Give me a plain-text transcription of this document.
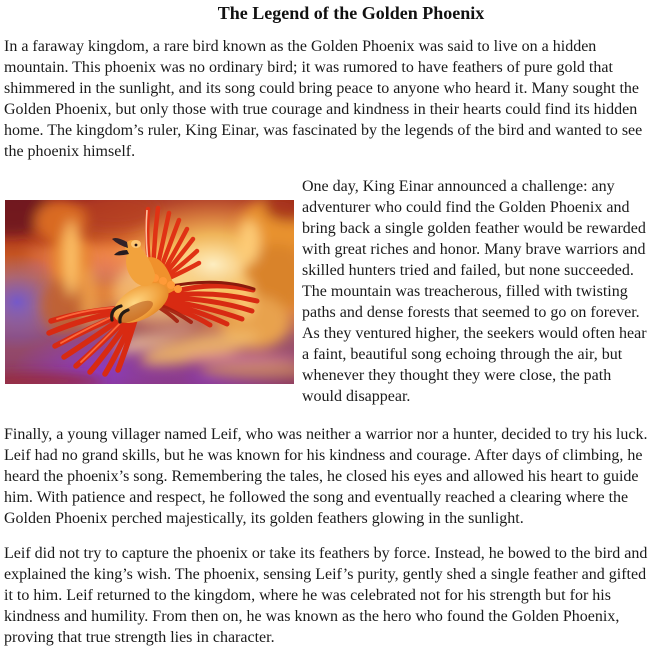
The Legend of the Golden Phoenix

In a faraway kingdom, a rare bird known as the Golden Phoenix was said to live on a hidden mountain. This phoenix was no ordinary bird; it was rumored to have feathers of pure gold that shimmered in the sunlight, and its song could bring peace to anyone who heard it. Many sought the Golden Phoenix, but only those with true courage and kindness in their hearts could find its hidden home. The kingdom’s ruler, King Einar, was fascinated by the legends of the bird and wanted to see the phoenix himself.

One day, King Einar announced a challenge: any adventurer who could find the Golden Phoenix and bring back a single golden feather would be rewarded with great riches and honor. Many brave warriors and skilled hunters tried and failed, but none succeeded. The mountain was treacherous, filled with twisting paths and dense forests that seemed to go on forever. As they ventured higher, the seekers would often hear a faint, beautiful song echoing through the air, but whenever they thought they were close, the path would disappear.

Finally, a young villager named Leif, who was neither a warrior nor a hunter, decided to try his luck. Leif had no grand skills, but he was known for his kindness and courage. After days of climbing, he heard the phoenix’s song. Remembering the tales, he closed his eyes and allowed his heart to guide him. With patience and respect, he followed the song and eventually reached a clearing where the Golden Phoenix perched majestically, its golden feathers glowing in the sunlight.

Leif did not try to capture the phoenix or take its feathers by force. Instead, he bowed to the bird and explained the king’s wish. The phoenix, sensing Leif’s purity, gently shed a single feather and gifted it to him. Leif returned to the kingdom, where he was celebrated not for his strength but for his kindness and humility. From then on, he was known as the hero who found the Golden Phoenix, proving that true strength lies in character.
